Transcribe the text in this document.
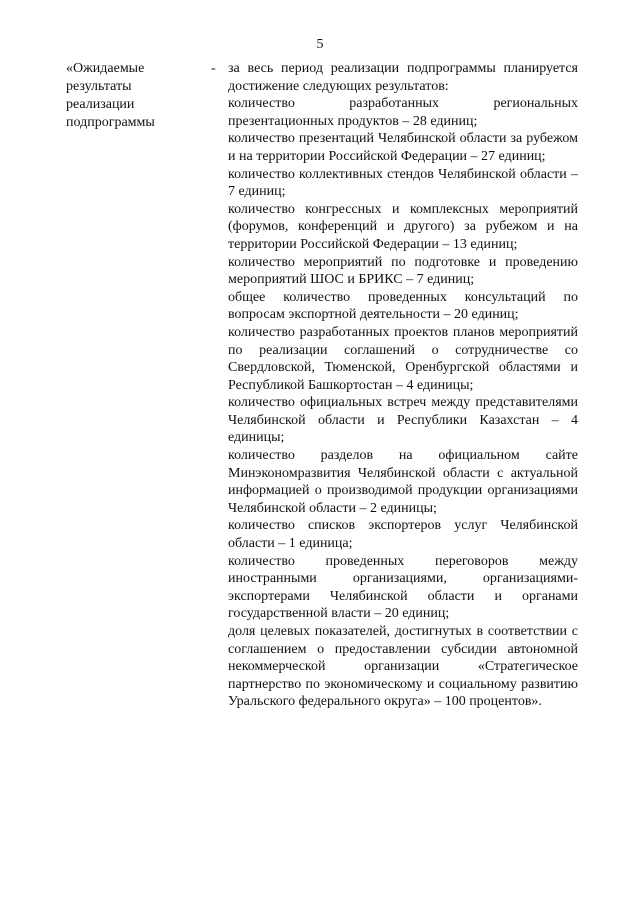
5
«Ожидаемые
результаты
реализации
подпрограммы
- за весь период реализации подпрограммы планируется достижение следующих результатов:

количество разработанных региональных презентационных продуктов – 28 единиц;

количество презентаций Челябинской области за рубежом и на территории Российской Федерации – 27 единиц;

количество коллективных стендов Челябинской области – 7 единиц;

количество конгрессных и комплексных мероприятий (форумов, конференций и другого) за рубежом и на территории Российской Федерации – 13 единиц;

количество мероприятий по подготовке и проведению мероприятий ШОС и БРИКС – 7 единиц;

общее количество проведенных консультаций по вопросам экспортной деятельности – 20 единиц;

количество разработанных проектов планов мероприятий по реализации соглашений о сотрудничестве со Свердловской, Тюменской, Оренбургской областями и Республикой Башкортостан – 4 единицы;

количество официальных встреч между представителями Челябинской области и Республики Казахстан – 4 единицы;

количество разделов на официальном сайте Минэкономразвития Челябинской области с актуальной информацией о производимой продукции организациями Челябинской области – 2 единицы;

количество списков экспортеров услуг Челябинской области – 1 единица;

количество проведенных переговоров между иностранными организациями, организациями-экспортерами Челябинской области и органами государственной власти – 20 единиц;

доля целевых показателей, достигнутых в соответствии с соглашением о предоставлении субсидии автономной некоммерческой организации «Стратегическое партнерство по экономическому и социальному развитию Уральского федерального округа» – 100 процентов».
